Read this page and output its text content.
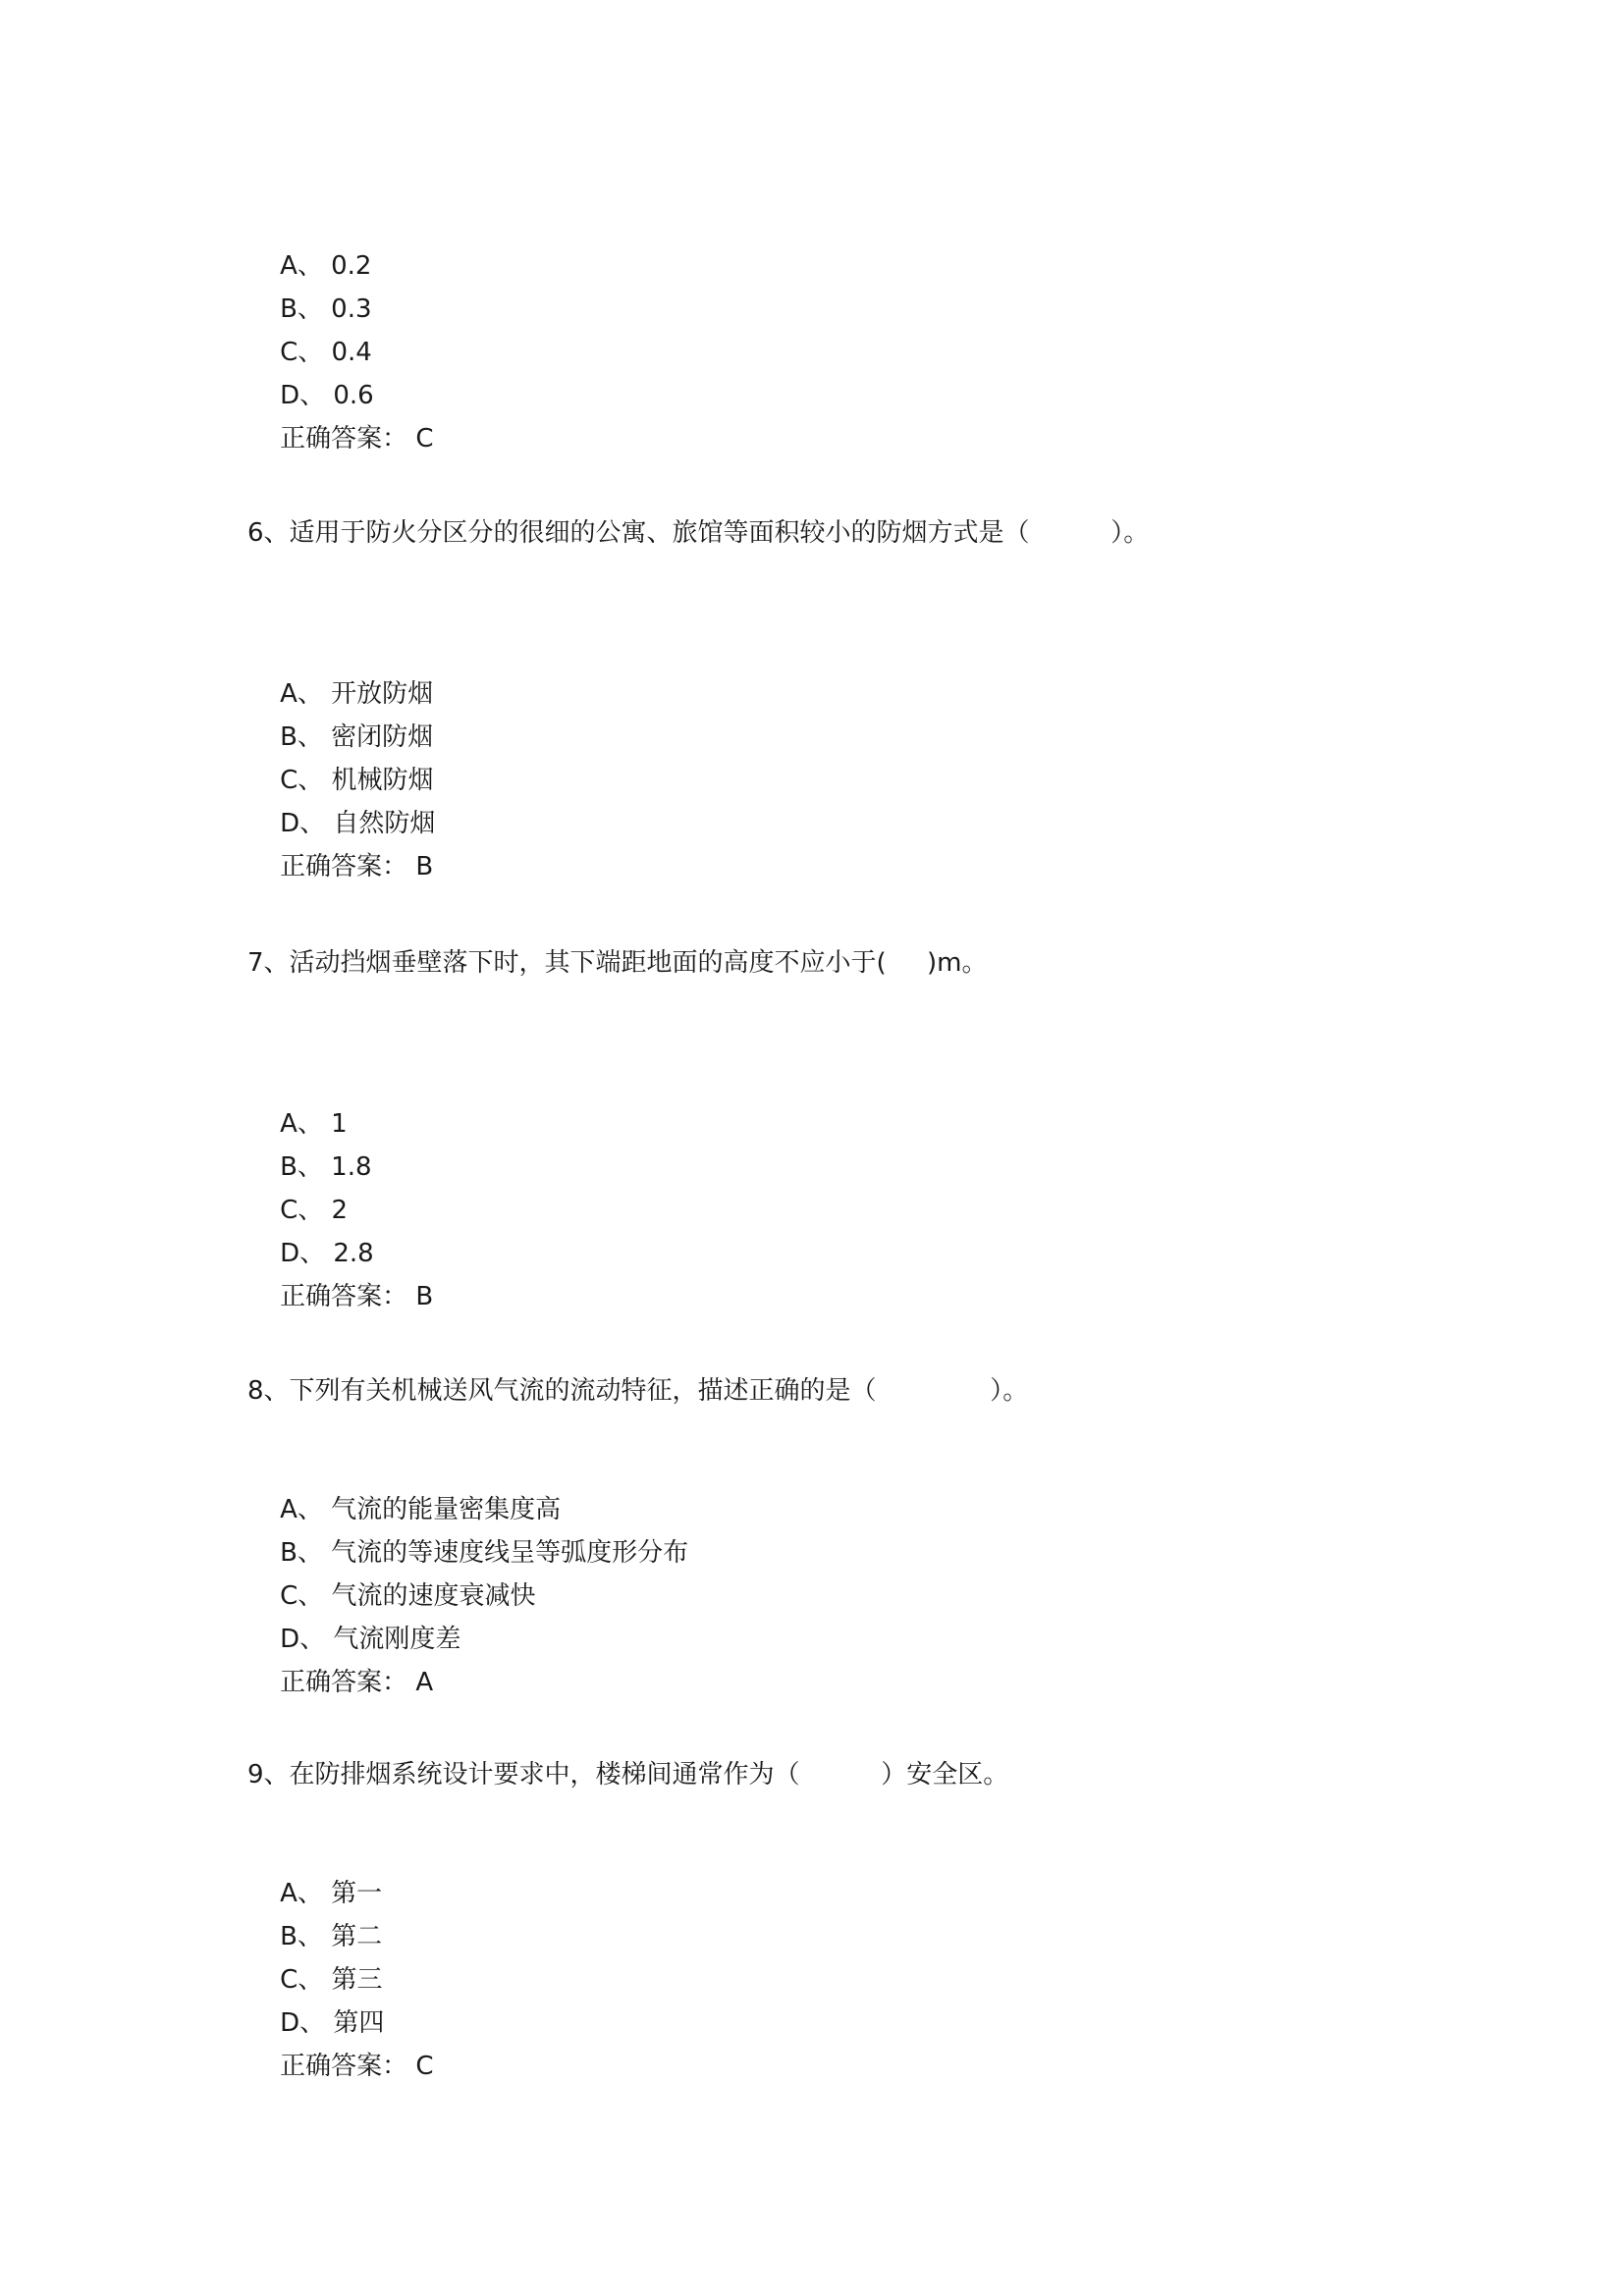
A、 0.2

B、 0.3

C、 0.4

D、 0.6

正确答案： C

6、适用于防火分区分的很细的公寓、旅馆等面积较小的防烟方式是（          ）。

A、 开放防烟

B、 密闭防烟

C、 机械防烟

D、 自然防烟

正确答案： B

7、活动挡烟垂壁落下时，其下端距地面的高度不应小于(     )m。

A、 1

B、 1.8

C、 2

D、 2.8

正确答案： B

8、下列有关机械送风气流的流动特征，描述正确的是（              ）。

A、 气流的能量密集度高

B、 气流的等速度线呈等弧度形分布

C、 气流的速度衰减快

D、 气流刚度差

正确答案： A

9、在防排烟系统设计要求中，楼梯间通常作为（          ）安全区。

A、 第一

B、 第二

C、 第三

D、 第四

正确答案： C
